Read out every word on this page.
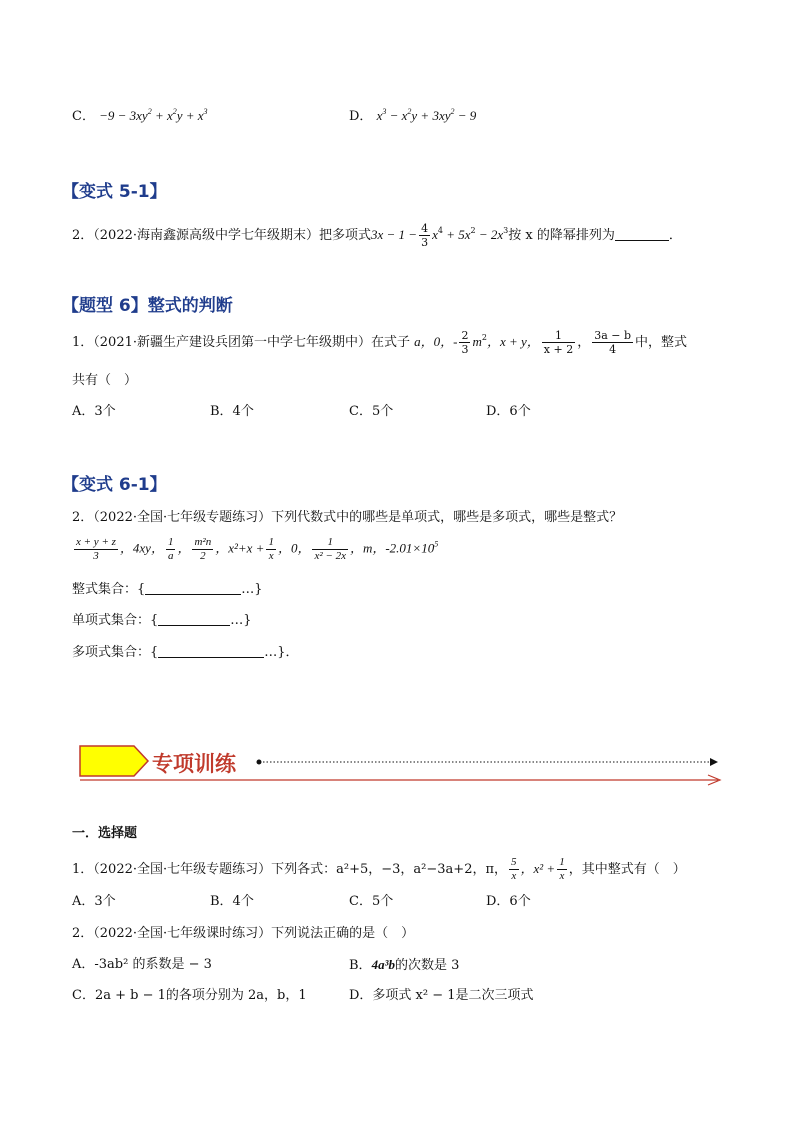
C． $-9 - 3xy^2 + x^2y + x^3$	D． $x^3 - x^2y + 3xy^2 - 9$
【变式 5-1】
2．（2022·海南鑫源高级中学七年级期末）把多项式$3x - 1 - \frac{4}{3} x^4 + 5x^2 - 2x^3$按 x 的降幂排列为	．
【题型 6】整式的判断
1．（2021·新疆生产建设兵团第一中学七年级期中）在式子 a，0，- $\frac{2}{3} m^2$，x + y， $\frac{1}{x + 2}$ ， $\frac{3a - b}{4}$ 中，整式
共有（　）
A．3个	B．4个	C．5个	D．6个
【变式 6-1】
2．（2022·全国·七年级专题练习）下列代数式中的哪些是单项式，哪些是多项式，哪些是整式？
$\frac{x + y + z}{3}$ ，4xy， $\frac{1}{a}$ ， $\frac{\text{m²n}}{2}$ ，$x^2+x + \frac{1}{x}$ ，0， $\frac{1}{\text{x² − 2x}}$ ，m，$-2.01\times 10^5$
整式集合：{	…}
单项式集合：{	…}
多项式集合：{	…}．
专项训练
一．选择题
1．（2022·全国·七年级专题练习）下列各式：a²+5，−3，a²−3a+2，π， $\frac{5}{x}$ ，$x^2 + \frac{1}{x}$ ，其中整式有（　）
A．3个	B．4个	C．5个	D．6个
2．（2022·全国·七年级课时练习）下列说法正确的是（　）
A．-3ab² 的系数是 − 3	B．4a³b的次数是 3
C．2a + b − 1的各项分别为 2a，b，1	D．多项式 x² − 1是二次三项式
